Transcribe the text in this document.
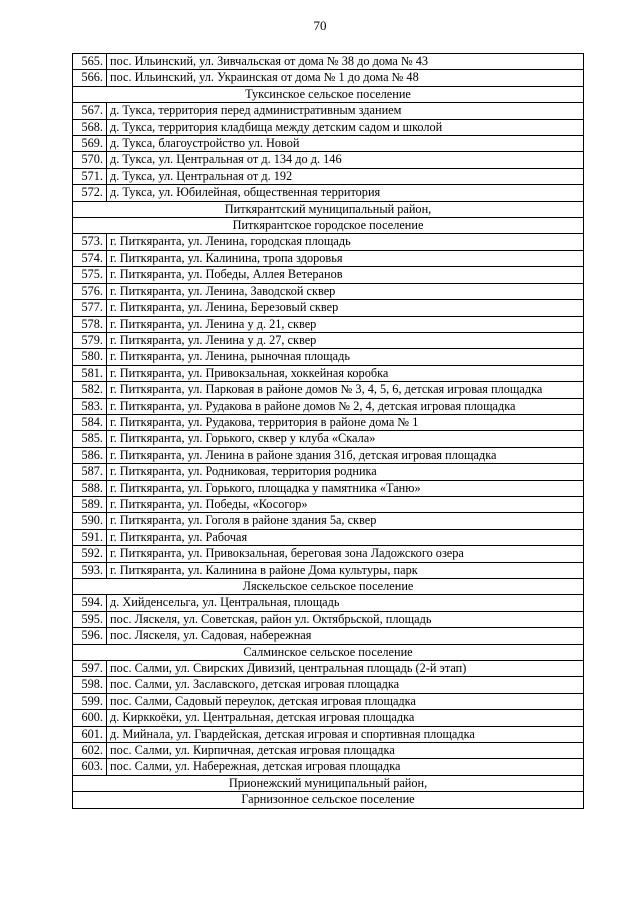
70
565.	пос. Ильинский, ул. Зивчальская от дома № 38 до дома № 43
566.	пос. Ильинский, ул. Украинская от дома № 1 до дома № 48
Туксинское сельское поселение	
567.	д. Тукса, территория перед административным зданием
568.	д. Тукса, территория кладбища между детским садом и школой
569.	д. Тукса, благоустройство ул. Новой
570.	д. Тукса, ул. Центральная от д. 134 до д. 146
571.	д. Тукса, ул. Центральная от д. 192
572.	д. Тукса, ул. Юбилейная, общественная территория
Питкярантский муниципальный район,	
Питкярантское городское поселение	
573.	г. Питкяранта, ул. Ленина, городская площадь
574.	г. Питкяранта, ул. Калинина, тропа здоровья
575.	г. Питкяранта, ул. Победы, Аллея Ветеранов
576.	г. Питкяранта, ул. Ленина, Заводской сквер
577.	г. Питкяранта, ул. Ленина, Березовый сквер
578.	г. Питкяранта, ул. Ленина у д. 21, сквер
579.	г. Питкяранта, ул. Ленина у д. 27, сквер
580.	г. Питкяранта, ул. Ленина, рыночная площадь
581.	г. Питкяранта, ул. Привокзальная, хоккейная коробка
582.	г. Питкяранта, ул. Парковая в районе домов № 3, 4, 5, 6, детская игровая площадка
583.	г. Питкяранта, ул. Рудакова в районе домов № 2, 4, детская игровая площадка
584.	г. Питкяранта, ул. Рудакова, территория в районе дома № 1
585.	г. Питкяранта, ул. Горького, сквер у клуба «Скала»
586.	г. Питкяранта, ул. Ленина в районе здания 31б, детская игровая площадка
587.	г. Питкяранта, ул. Родниковая, территория родника
588.	г. Питкяранта, ул. Горького, площадка у памятника «Таню»
589.	г. Питкяранта, ул. Победы, «Косогор»
590.	г. Питкяранта, ул. Гоголя в районе здания 5а, сквер
591.	г. Питкяранта, ул. Рабочая
592.	г. Питкяранта, ул. Привокзальная, береговая зона Ладожского озера
593.	г. Питкяранта, ул. Калинина в районе Дома культуры, парк
Ляскельское сельское поселение	
594.	д. Хийденсельга, ул. Центральная, площадь
595.	пос. Ляскеля, ул. Советская, район ул. Октябрьской, площадь
596.	пос. Ляскеля, ул. Садовая, набережная
Салминское сельское поселение	
597.	пос. Салми, ул. Свирских Дивизий, центральная площадь (2-й этап)
598.	пос. Салми, ул. Заславского, детская игровая площадка
599.	пос. Салми, Садовый переулок, детская игровая площадка
600.	д. Кирккоёки, ул. Центральная, детская игровая площадка
601.	д. Мийнала, ул. Гвардейская, детская игровая и спортивная площадка
602.	пос. Салми, ул. Кирпичная, детская игровая площадка
603.	пос. Салми, ул. Набережная, детская игровая площадка
Прионежский муниципальный район,	
Гарнизонное сельское поселение	
